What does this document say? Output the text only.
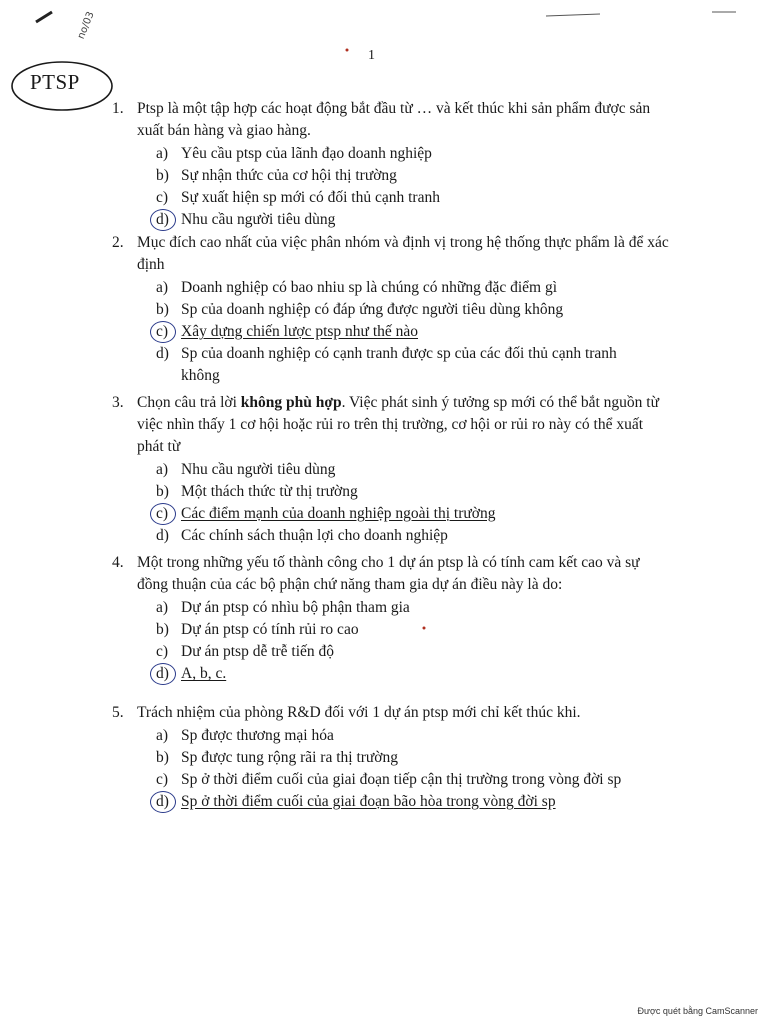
no/03
1
PTSP
1. Ptsp là một tập hợp các hoạt động bắt đầu từ … và kết thúc khi sản phẩm được sản xuất bán hàng và giao hàng.
a) Yêu cầu ptsp của lãnh đạo doanh nghiệp
b) Sự nhận thức của cơ hội thị trường
c) Sự xuất hiện sp mới có đối thủ cạnh tranh
d) Nhu cầu người tiêu dùng
2. Mục đích cao nhất của việc phân nhóm và định vị trong hệ thống thực phẩm là để xác định
a) Doanh nghiệp có bao nhiu sp là chúng có những đặc điểm gì
b) Sp của doanh nghiệp có đáp ứng được người tiêu dùng không
c) Xây dựng chiến lược ptsp như thế nào
d) Sp của doanh nghiệp có cạnh tranh được sp của các đối thủ cạnh tranh không
3. Chọn câu trả lời không phù hợp. Việc phát sinh ý tưởng sp mới có thể bắt nguồn từ việc nhìn thấy 1 cơ hội hoặc rủi ro trên thị trường, cơ hội or rủi ro này có thể xuất phát từ
a) Nhu cầu người tiêu dùng
b) Một thách thức từ thị trường
c) Các điểm mạnh của doanh nghiệp ngoài thị trường
d) Các chính sách thuận lợi cho doanh nghiệp
4. Một trong những yếu tố thành công cho 1 dự án ptsp là có tính cam kết cao và sự đồng thuận của các bộ phận chứ năng tham gia dự án điều này là do:
a) Dự án ptsp có nhìu bộ phận tham gia
b) Dự án ptsp có tính rủi ro cao
c) Dư án ptsp dễ trễ tiến độ
d) A, b, c.
5. Trách nhiệm của phòng R&D đối với 1 dự án ptsp mới chỉ kết thúc khi.
a) Sp được thương mại hóa
b) Sp được tung rộng rãi ra thị trường
c) Sp ở thời điểm cuối của giai đoạn tiếp cận thị trường trong vòng đời sp
d) Sp ở thời điểm cuối của giai đoạn bão hòa trong vòng đời sp
Được quét bằng CamScanner
